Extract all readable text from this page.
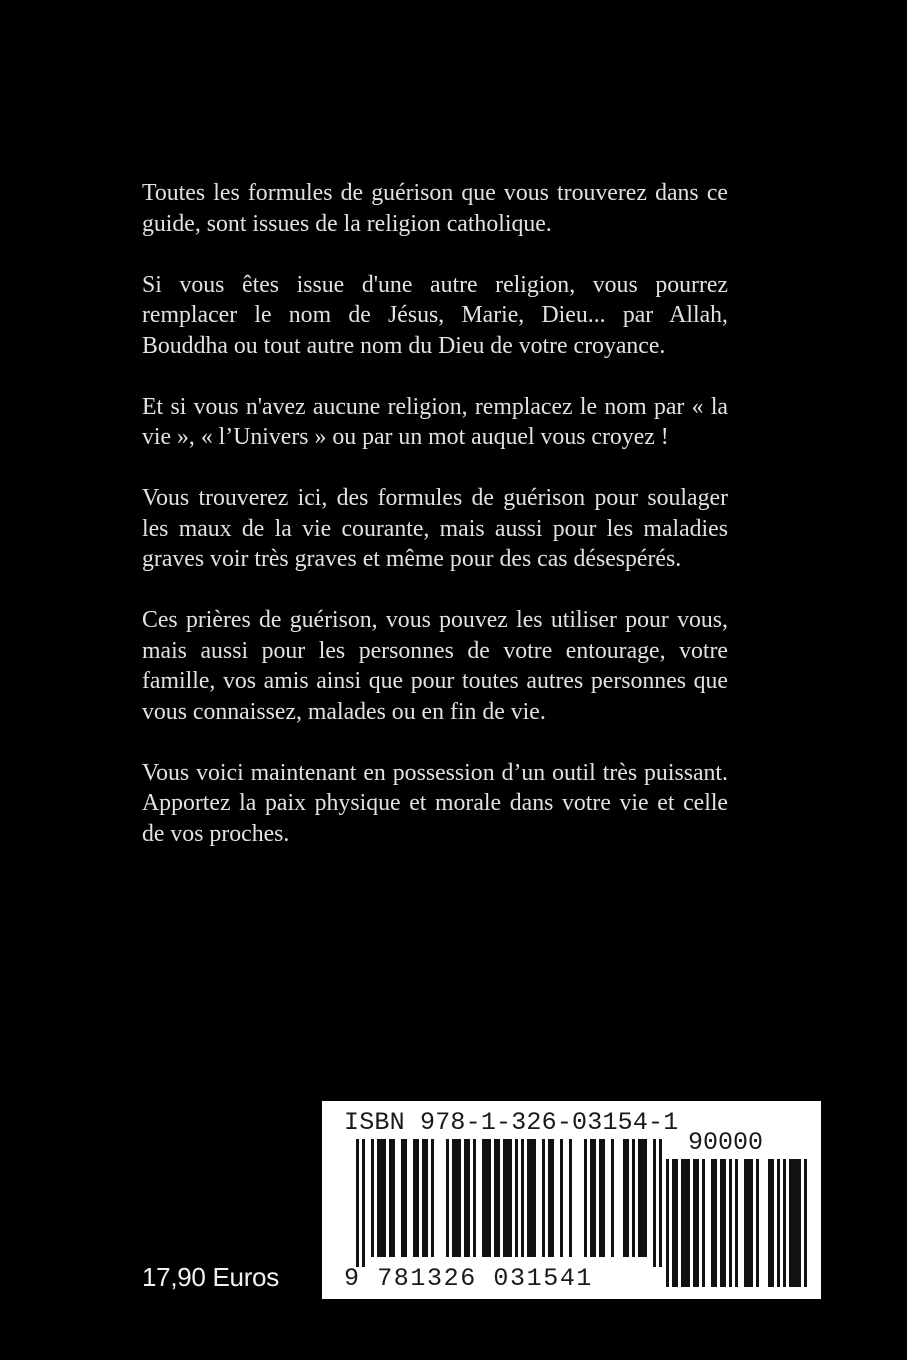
Toutes les formules de guérison que vous trouverez dans ce guide, sont issues de la religion catholique.

Si vous êtes issue d'une autre religion, vous pourrez remplacer le nom de Jésus, Marie, Dieu... par Allah, Bouddha ou tout autre nom du Dieu de votre croyance.

Et si vous n'avez aucune religion, remplacez le nom par « la vie », « l’Univers » ou par un mot auquel vous croyez !

Vous trouverez ici, des formules de guérison pour soulager les maux de la vie courante, mais aussi pour les maladies graves voir très graves et même pour des cas désespérés.

Ces prières de guérison, vous pouvez les utiliser pour vous, mais aussi pour les personnes de votre entourage, votre famille, vos amis ainsi que pour toutes autres personnes que vous connaissez, malades ou en fin de vie.

Vous voici maintenant en possession d’un outil très puissant. Apportez la paix physique et morale dans votre vie et celle de vos proches.

17,90 Euros
ISBN 978-1-326-03154-1
90000
9 781326 031541
